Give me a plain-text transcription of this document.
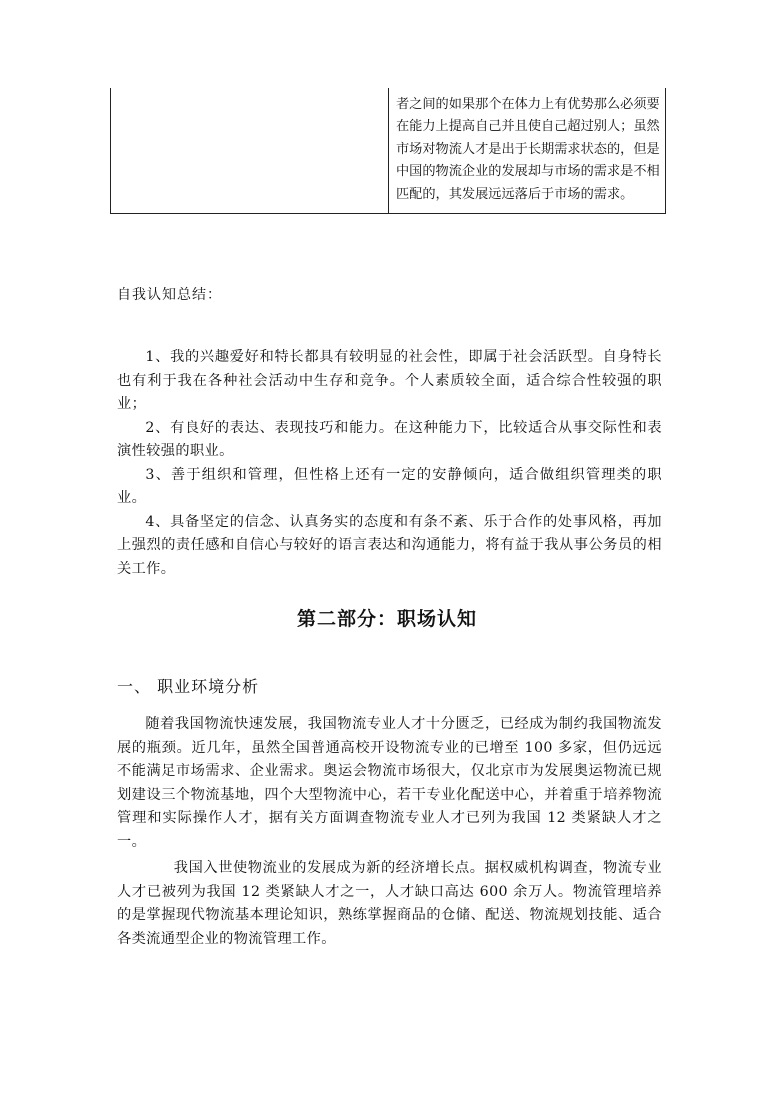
者之间的如果那个在体力上有优势那么必须要
在能力上提高自己并且使自己超过别人；虽然
市场对物流人才是出于长期需求状态的，但是
中国的物流企业的发展却与市场的需求是不相
匹配的，其发展远远落后于市场的需求。
自我认知总结：

1、我的兴趣爱好和特长都具有较明显的社会性，即属于社会活跃型。自身特长也有利于我在各种社会活动中生存和竞争。个人素质较全面，适合综合性较强的职业；

2、有良好的表达、表现技巧和能力。在这种能力下，比较适合从事交际性和表演性较强的职业。

3、善于组织和管理，但性格上还有一定的安静倾向，适合做组织管理类的职业。

4、具备坚定的信念、认真务实的态度和有条不紊、乐于合作的处事风格，再加上强烈的责任感和自信心与较好的语言表达和沟通能力，将有益于我从事公务员的相关工作。

第二部分：职场认知
一、 职业环境分析

随着我国物流快速发展，我国物流专业人才十分匮乏，已经成为制约我国物流发展的瓶颈。近几年，虽然全国普通高校开设物流专业的已增至 100 多家，但仍远远不能满足市场需求、企业需求。奥运会物流市场很大，仅北京市为发展奥运物流已规划建设三个物流基地，四个大型物流中心，若干专业化配送中心，并着重于培养物流管理和实际操作人才，据有关方面调查物流专业人才已列为我国 12 类紧缺人才之一。

我国入世使物流业的发展成为新的经济增长点。据权威机构调查，物流专业人才已被列为我国 12 类紧缺人才之一，人才缺口高达 600 余万人。物流管理培养的是掌握现代物流基本理论知识，熟练掌握商品的仓储、配送、物流规划技能、适合各类流通型企业的物流管理工作。
